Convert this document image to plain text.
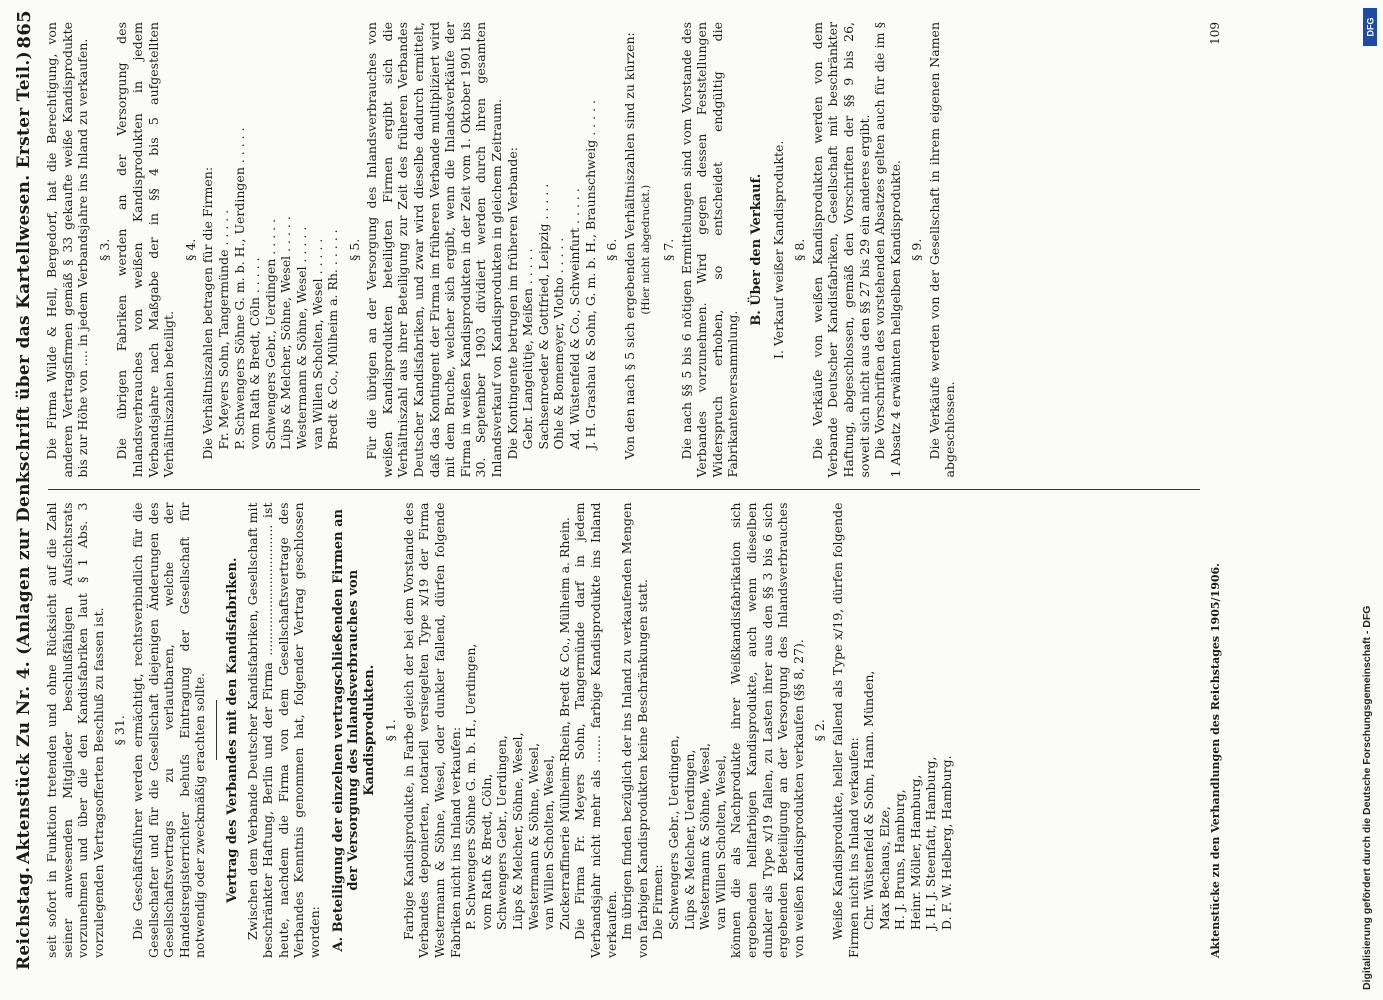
Reichstag.
Aktenstück Zu Nr. 4. (Anlagen zur Denkschrift über das Kartellwesen. Erster Teil.)
865

seit sofort in Funktion tretenden und ohne Rücksicht auf die Zahl seiner anwesenden Mitglieder beschlußfähigen Aufsichtsrats vorzunehmen und über die den Kandisfabriken laut § 1 Abs. 3 vorzulegenden Vertragsofferten Beschluß zu fassen ist. § 31. Die Geschäftsführer werden ermächtigt, rechtsverbindlich für die Gesellschafter und für die Gesellschaft diejenigen Änderungen des Gesellschaftsvertrags zu verlautbaren, welche der Handelsregisterrichter behufs Eintragung der Gesellschaft für notwendig oder zweckmäßig erachten sollte. Vertrag des Verbandes mit den Kandisfabriken. Zwischen dem Verbande Deutscher Kandisfabriken, Gesellschaft mit beschränkter Haftung, Berlin und der Firma ................................. ist heute, nachdem die Firma von dem Gesellschaftsvertrage des Verbandes Kenntnis genommen hat, folgender Vertrag geschlossen worden: A. Beteiligung der einzelnen vertragschließenden Firmen an der Versorgung des Inlandsverbrauches von Kandisprodukten. § 1. Farbige Kandisprodukte, in Farbe gleich der bei dem Vorstande des Verbandes deponierten, notariell versiegelten Type x/19 der Firma Westermann & Söhne, Wesel, oder dunkler fallend, dürfen folgende Fabriken nicht ins Inland verkaufen: P. Schwengers Söhne G. m. b. H., Uerdingen, vom Rath & Bredt, Cöln, Schwengers Gebr., Uerdingen, Lüps & Melcher, Söhne, Wesel, Westermann & Söhne, Wesel, van Willen Scholten, Wesel, Zuckerraffinerie Mülheim-Rhein, Bredt & Co., Mülheim a. Rhein. Die Firma Fr. Meyers Sohn, Tangermünde darf in jedem Verbandsjahr nicht mehr als ....... farbige Kandisprodukte ins Inland verkaufen. Im übrigen finden bezüglich der ins Inland zu verkaufenden Mengen von farbigen Kandisprodukten keine Beschränkungen statt. Die Firmen: Schwengers Gebr., Uerdingen, Lüps & Melcher, Uerdingen, Westermann & Söhne, Wesel, van Willen Scholten, Wesel, können die als Nachprodukte ihrer Weißkandisfabrikation sich ergebenden hellfarbigen Kandisprodukte, auch wenn dieselben dunkler als Type x/19 fallen, zu Lasten ihrer aus den §§ 3 bis 6 sich ergebenden Beteiligung an der Versorgung des Inlandsverbrauches von weißen Kandisprodukten verkaufen (§§ 8, 27). § 2. Weiße Kandisprodukte, heller fallend als Type x/19, dürfen folgende Firmen nicht ins Inland verkaufen: Chr. Wüstenfeld & Sohn, Hann. Münden, Max Bechaus, Elze, H. J. Bruns, Hamburg, Heinr. Möller, Hamburg, J. H. J. Steenfatt, Hamburg, D. F. W. Helberg, Hamburg.

Die Firma Wilde & Hell, Bergedorf, hat die Berechtigung, von anderen Vertragsfirmen gemäß § 33 gekaufte weiße Kandisprodukte bis zur Höhe von .... in jedem Verbandsjahre ins Inland zu verkaufen. § 3. Die übrigen Fabriken werden an der Versorgung des Inlandsverbrauches von weißen Kandisprodukten in jedem Verbandsjahre nach Maßgabe der in §§ 4 bis 5 aufgestellten Verhältniszahlen beteiligt.

§ 4. Die Verhältniszahlen betragen für die Firmen: Fr. Meyers Sohn, Tangermünde . . . . . P. Schwengers Söhne G. m. b. H., Uerdingen . . . . . vom Rath & Bredt, Cöln . . . . . Schwengers Gebr., Uerdingen . . . . . Lüps & Melcher, Söhne, Wesel . . . . . Westermann & Söhne, Wesel . . . . . van Willen Scholten, Wesel . . . . . Bredt & Co., Mülheim a. Rh. . . . . . § 5. Für die übrigen an der Versorgung des Inlandsverbrauches von weißen Kandisprodukten beteiligten Firmen ergibt sich die Verhältniszahl aus ihrer Beteiligung zur Zeit des früheren Verbandes Deutscher Kandisfabriken, und zwar wird dieselbe dadurch ermittelt, daß das Kontingent der Firma im früheren Verbande multipliziert wird mit dem Bruche, welcher sich ergibt, wenn die Inlandsverkäufe der Firma in weißen Kandisprodukten in der Zeit vom 1. Oktober 1901 bis 30. September 1903 dividiert werden durch ihren gesamten Inlandsverkauf von Kandisprodukten in gleichem Zeitraum. Die Kontingente betrugen im früheren Verbande: Gebr. Langelütje, Meißen . . . . . Sachsenroeder & Gottfried, Leipzig . . . . . Ohle & Bomemeyer, Vlotho . . . . . Ad. Wüstenfeld & Co., Schweinfurt . . . . . J. H. Grashau & Sohn, G. m. b. H., Braunschweig . . . . . § 6. Von den nach § 5 sich ergebenden Verhältniszahlen sind zu kürzen: (Hier nicht abgedruckt.) § 7. Die nach §§ 5 bis 6 nötigen Ermittelungen sind vom Vorstande des Verbandes vorzunehmen. Wird gegen dessen Feststellungen Widerspruch erhoben, so entscheidet endgültig die Fabrikantenversammlung.

B. Über den Verkauf. I. Verkauf weißer Kandisprodukte. § 8. Die Verkäufe von weißen Kandisprodukten werden von dem Verbande Deutscher Kandisfabriken, Gesellschaft mit beschränkter Haftung, abgeschlossen, gemäß den Vorschriften der §§ 9 bis 26, soweit sich nicht aus den §§ 27 bis 29 ein anderes ergibt. Die Vorschriften des vorstehenden Absatzes gelten auch für die im § 1 Absatz 4 erwähnten hellgelben Kandisprodukte. § 9. Die Verkäufe werden von der Gesellschaft in ihrem eigenen Namen abgeschlossen.

Aktenstücke zu den Verhandlungen des Reichstages 1905/1906.
109	DFG
Digitalisierung gefördert durch die Deutsche Forschungsgemeinschaft - DFG
